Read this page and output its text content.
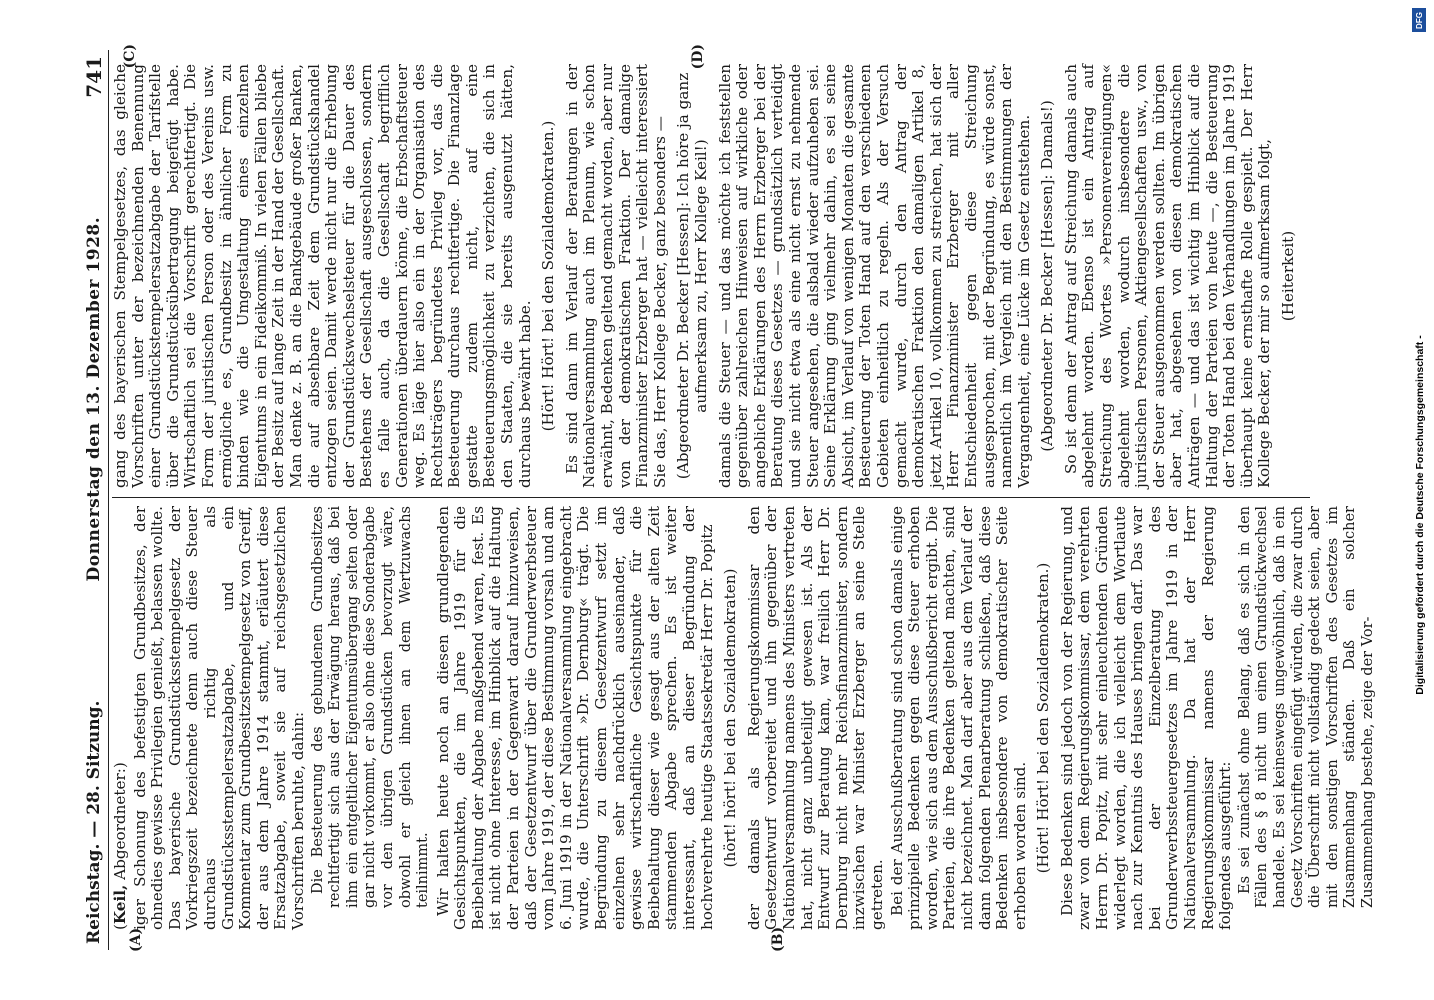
Reichstag. — 28. Sitzung.
Donnerstag den 13. Dezember 1928.
741
(A)	(B)
(C)	(D)

(Keil, Abgeordneter:) iger Schonung des befestigten Grundbesitzes, der ohnedies gewisse Privilegien genießt, belassen wollte. Das bayerische Grundstücksstempelgesetz der Vorkriegszeit bezeichnete denn auch diese Steuer durchaus richtig als Grundstücksstempelersatzabgabe, und ein Kommentar zum Grundbesitzstempelgesetz von Greiff, der aus dem Jahre 1914 stammt, erläutert diese Ersatzabgabe, soweit sie auf reichsgesetzlichen Vorschriften beruhte, dahin: Die Besteuerung des gebundenen Grundbesitzes rechtfertigt sich aus der Erwägung heraus, daß bei ihm ein entgeltlicher Eigentumsübergang selten oder gar nicht vorkommt, er also ohne diese Sonderabgabe vor den übrigen Grundstücken bevorzugt wäre, obwohl er gleich ihnen an dem Wertzuwachs teilnimmt. Wir halten heute noch an diesen grundlegenden Gesichtspunkten, die im Jahre 1919 für die Beibehaltung der Abgabe maßgebend waren, fest. Es ist nicht ohne Interesse, im Hinblick auf die Haltung der Parteien in der Gegenwart darauf hinzuweisen, daß der Gesetzentwurf über die Grunderwerbsteuer vom Jahre 1919, der diese Bestimmung vorsah und am 6. Juni 1919 in der Nationalversammlung eingebracht wurde, die Unterschrift »Dr. Dernburg« trägt. Die Begründung zu diesem Gesetzentwurf setzt im einzelnen sehr nachdrücklich auseinander, daß gewisse wirtschaftliche Gesichtspunkte für die Beibehaltung dieser wie gesagt aus der alten Zeit stammenden Abgabe sprechen. Es ist weiter interessant, daß an dieser Begründung der hochverehrte heutige Staatssekretär Herr Dr. Popitz (hört! hört! bei den Sozialdemokraten) der damals als Regierungskommissar den Gesetzentwurf vorbereitet und ihn gegenüber der Nationalversammlung namens des Ministers vertreten hat, nicht ganz unbeteiligt gewesen ist. Als der Entwurf zur Beratung kam, war freilich Herr Dr. Dernburg nicht mehr Reichsfinanzminister, sondern inzwischen war Minister Erzberger an seine Stelle getreten. Bei der Ausschußberatung sind schon damals einige prinzipielle Bedenken gegen diese Steuer erhoben worden, wie sich aus dem Ausschußbericht ergibt. Die Parteien, die ihre Bedenken geltend machten, sind nicht bezeichnet. Man darf aber aus dem Verlauf der dann folgenden Plenarberatung schließen, daß diese Bedenken insbesondere von demokratischer Seite erhoben worden sind. (Hört! Hört! bei den Sozialdemokraten.) Diese Bedenken sind jedoch von der Regierung, und zwar von dem Regierungskommissar, dem verehrten Herrn Dr. Popitz, mit sehr einleuchtenden Gründen widerlegt worden, die ich vielleicht dem Wortlaute nach zur Kenntnis des Hauses bringen darf. Das war bei der Einzelberatung des Grunderwerbssteuergesetzes im Jahre 1919 in der Nationalversammlung. Da hat der Herr Regierungskommissar namens der Regierung folgendes ausgeführt: Es sei zunächst ohne Belang, daß es sich in den Fällen des § 8 nicht um einen Grundstückwechsel handele. Es sei keineswegs ungewöhnlich, daß in ein Gesetz Vorschriften eingefügt würden, die zwar durch die Überschrift nicht vollständig gedeckt seien, aber mit den sonstigen Vorschriften des Gesetzes im Zusammenhang ständen. Daß ein solcher Zusammenhang bestehe, zeige der Vor-

gang des bayerischen Stempelgesetzes, das gleiche Vorschriften unter der bezeichnenden Benennung einer Grundstückstempelersatzabgabe der Tarifstelle über die Grundstücksübertragung beigefügt habe. Wirtschaftlich sei die Vorschrift gerechtfertigt. Die Form der juristischen Person oder des Vereins usw. ermögliche es, Grundbesitz in ähnlicher Form zu binden wie die Umgestaltung eines einzelnen Eigentums in ein Fideikommiß. In vielen Fällen bliebe der Besitz auf lange Zeit in der Hand der Gesellschaft. Man denke z. B. an die Bankgebäude großer Banken, die auf absehbare Zeit dem Grundstückshandel entzogen seien. Damit werde nicht nur die Erhebung der Grundstückswechselsteuer für die Dauer des Bestehens der Gesellschaft ausgeschlossen, sondern es falle auch, da die Gesellschaft begrifflich Generationen überdauern könne, die Erbschaftsteuer weg. Es läge hier also ein in der Organisation des Rechtsträgers begründetes Privileg vor, das die Besteuerung durchaus rechtfertige. Die Finanzlage gestatte zudem nicht, auf eine Besteuerungsmöglichkeit zu verzichten, die sich in den Staaten, die sie bereits ausgenutzt hätten, durchaus bewährt habe. (Hört! Hört! bei den Sozialdemokraten.) Es sind dann im Verlauf der Beratungen in der Nationalversammlung auch im Plenum, wie schon erwähnt, Bedenken geltend gemacht worden, aber nur von der demokratischen Fraktion. Der damalige Finanzminister Erzberger hat — vielleicht interessiert Sie das, Herr Kollege Becker, ganz besonders — (Abgeordneter Dr. Becker [Hessen]: Ich höre ja ganz aufmerksam zu, Herr Kollege Keil!) damals die Steuer — und das möchte ich feststellen gegenüber zahlreichen Hinweisen auf wirkliche oder angebliche Erklärungen des Herrn Erzberger bei der Beratung dieses Gesetzes — grundsätzlich verteidigt und sie nicht etwa als eine nicht ernst zu nehmende Steuer angesehen, die alsbald wieder aufzuheben sei. Seine Erklärung ging vielmehr dahin, es sei seine Absicht, im Verlauf von wenigen Monaten die gesamte Besteuerung der Toten Hand auf den verschiedenen Gebieten einheitlich zu regeln. Als der Versuch gemacht wurde, durch den Antrag der demokratischen Fraktion den damaligen Artikel 8, jetzt Artikel 10, vollkommen zu streichen, hat sich der Herr Finanzminister Erzberger mit aller Entschiedenheit gegen diese Streichung ausgesprochen, mit der Begründung, es würde sonst, namentlich im Vergleich mit den Bestimmungen der Vergangenheit, eine Lücke im Gesetz entstehen. (Abgeordneter Dr. Becker [Hessen]: Damals!) So ist denn der Antrag auf Streichung damals auch abgelehnt worden. Ebenso ist ein Antrag auf Streichung des Wortes »Personenvereinigungen« abgelehnt worden, wodurch insbesondere die juristischen Personen, Aktiengesellschaften usw., von der Steuer ausgenommen werden sollten. Im übrigen aber hat, abgesehen von diesen demokratischen Anträgen — und das ist wichtig im Hinblick auf die Haltung der Parteien von heute —, die Besteuerung der Toten Hand bei den Verhandlungen im Jahre 1919 überhaupt keine ernsthafte Rolle gespielt. Der Herr Kollege Becker, der mir so aufmerksam folgt, (Heiterkeit)

DFG
Digitalisierung gefördert durch die Deutsche Forschungsgemeinschaft -
